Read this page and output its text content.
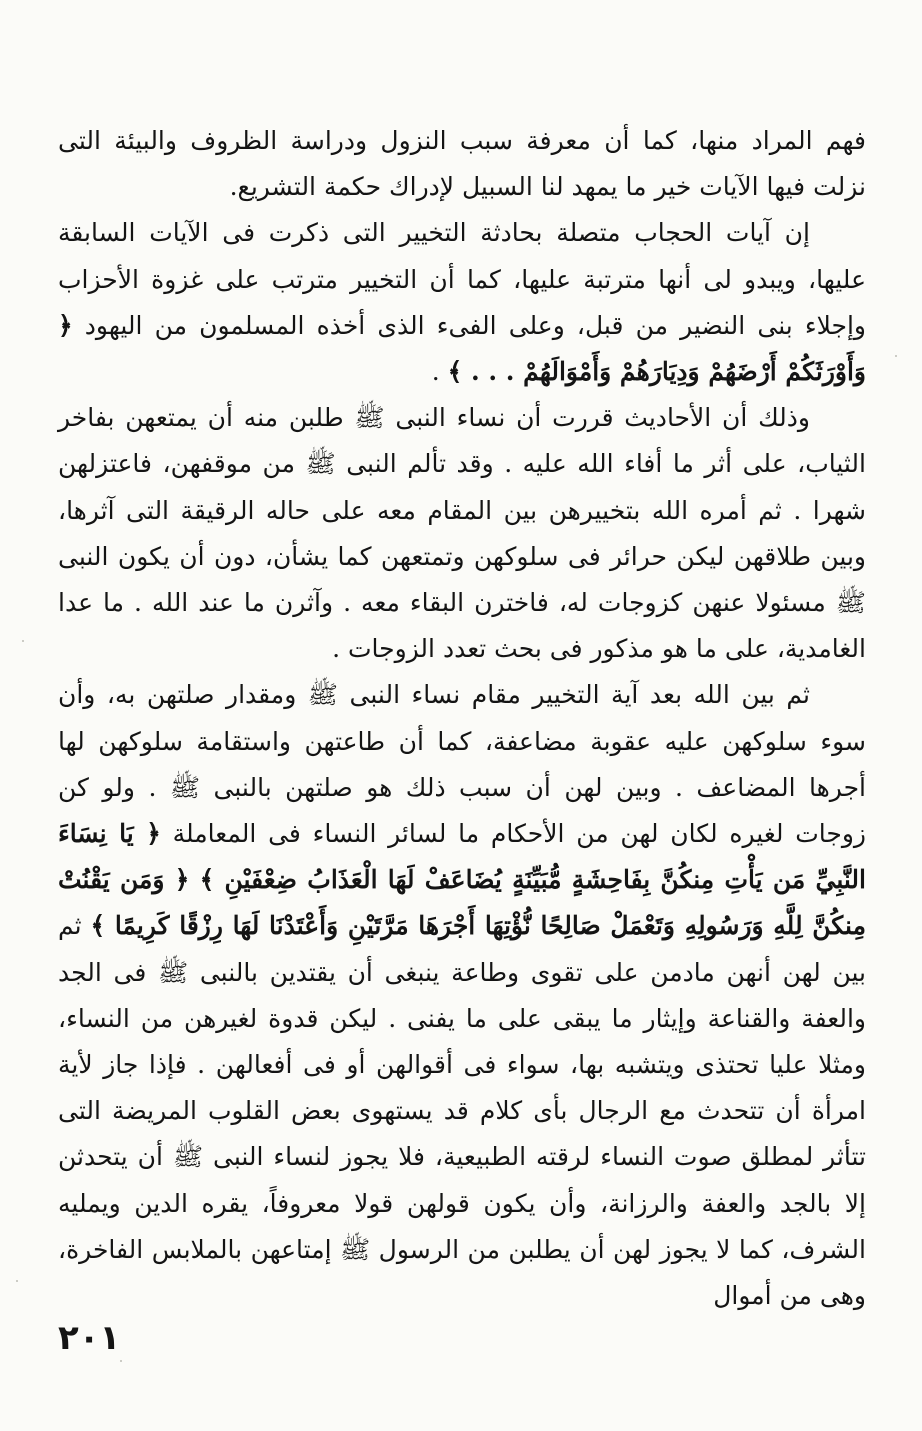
فهم المراد منها، كما أن معرفة سبب النزول ودراسة الظروف والبيئة التى نزلت فيها الآيات خير ما يمهد لنا السبيل لإدراك حكمة التشريع.

إن آيات الحجاب متصلة بحادثة التخيير التى ذكرت فى الآيات السابقة عليها، ويبدو لى أنها مترتبة عليها، كما أن التخيير مترتب على غزوة الأحزاب وإجلاء بنى النضير من قبل، وعلى الفىء الذى أخذه المسلمون من اليهود ﴿ وَأَوْرَثَكُمْ أَرْضَهُمْ وَدِيَارَهُمْ وَأَمْوَالَهُمْ . . . ﴾ .

وذلك أن الأحاديث قررت أن نساء النبى ﷺ طلبن منه أن يمتعهن بفاخر الثياب، على أثر ما أفاء الله عليه . وقد تألم النبى ﷺ من موقفهن، فاعتزلهن شهرا . ثم أمره الله بتخييرهن بين المقام معه على حاله الرقيقة التى آثرها، وبين طلاقهن ليكن حرائر فى سلوكهن وتمتعهن كما يشأن، دون أن يكون النبى ﷺ مسئولا عنهن كزوجات له، فاخترن البقاء معه . وآثرن ما عند الله . ما عدا الغامدية، على ما هو مذكور فى بحث تعدد الزوجات .

ثم بين الله بعد آية التخيير مقام نساء النبى ﷺ ومقدار صلتهن به، وأن سوء سلوكهن عليه عقوبة مضاعفة، كما أن طاعتهن واستقامة سلوكهن لها أجرها المضاعف . وبين لهن أن سبب ذلك هو صلتهن بالنبى ﷺ . ولو كن زوجات لغيره لكان لهن من الأحكام ما لسائر النساء فى المعاملة ﴿ يَا نِسَاءَ النَّبِيِّ مَن يَأْتِ مِنكُنَّ بِفَاحِشَةٍ مُّبَيِّنَةٍ يُضَاعَفْ لَهَا الْعَذَابُ ضِعْفَيْنِ ﴾ ﴿ وَمَن يَقْنُتْ مِنكُنَّ لِلَّهِ وَرَسُولِهِ وَتَعْمَلْ صَالِحًا نُّؤْتِهَا أَجْرَهَا مَرَّتَيْنِ وَأَعْتَدْنَا لَهَا رِزْقًا كَرِيمًا ﴾ ثم بين لهن أنهن مادمن على تقوى وطاعة ينبغى أن يقتدين بالنبى ﷺ فى الجد والعفة والقناعة وإيثار ما يبقى على ما يفنى . ليكن قدوة لغيرهن من النساء، ومثلا عليا تحتذى ويتشبه بها، سواء فى أقوالهن أو فى أفعالهن . فإذا جاز لأية امرأة أن تتحدث مع الرجال بأى كلام قد يستهوى بعض القلوب المريضة التى تتأثر لمطلق صوت النساء لرقته الطبيعية، فلا يجوز لنساء النبى ﷺ أن يتحدثن إلا بالجد والعفة والرزانة، وأن يكون قولهن قولا معروفاً، يقره الدين ويمليه الشرف، كما لا يجوز لهن أن يطلبن من الرسول ﷺ إمتاعهن بالملابس الفاخرة، وهى من أموال

٢٠١
